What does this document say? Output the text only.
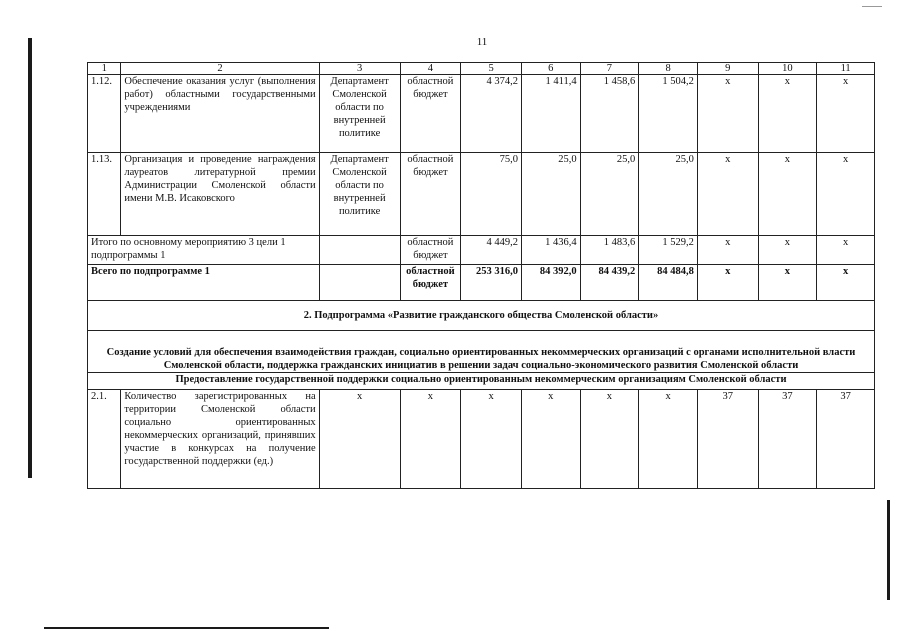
11
1	2	3	4	5	6	7	8	9	10	11
1.12.	Обеспечение оказания услуг (выполнения работ) областными государственными учреждениями	Департамент Смоленской области по внутренней политике	областной бюджет	4 374,2	1 411,4	1 458,6	1 504,2	х	х	х
1.13.	Организация и проведение награждения лауреатов литературной премии Администрации Смоленской области имени М.В. Исаковского	Департамент Смоленской области по внутренней политике	областной бюджет	75,0	25,0	25,0	25,0	х	х	х
Итого по основному мероприятию 3 цели 1 подпрограммы 1			областной бюджет	4 449,2	1 436,4	1 483,6	1 529,2	х	х	х
Всего по подпрограмме 1			областной бюджет	253 316,0	84 392,0	84 439,2	84 484,8	х	х	х
2. Подпрограмма «Развитие гражданского общества Смоленской области»										
Создание условий для обеспечения взаимодействия граждан, социально ориентированных некоммерческих организаций с органами исполнительной власти Смоленской области, поддержка гражданских инициатив в решении задач социально-экономического развития Смоленской области										
Предоставление государственной поддержки социально ориентированным некоммерческим организациям Смоленской области										
2.1.	Количество зарегистрированных на территории Смоленской области социально ориентированных некоммерческих организаций, принявших участие в конкурсах на получение государственной поддержки (ед.)	х	х	х	х	х	х	37	37	37
